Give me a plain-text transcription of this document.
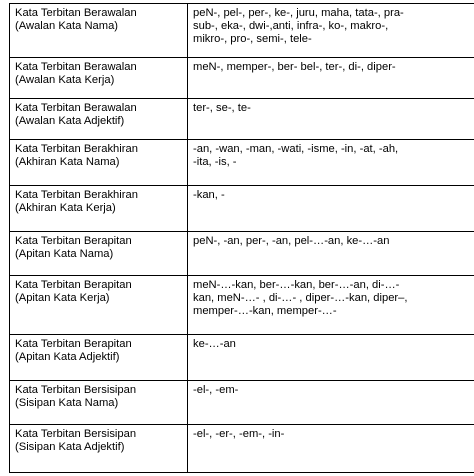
Kata Terbitan Berawalan
(Awalan Kata Nama)	peN-, pel-, per-, ke-, juru, maha, tata-, pra-
sub-, eka-, dwi-,anti, infra-, ko-, makro-,
mikro-, pro-, semi-, tele-

Kata Terbitan Berawalan
(Awalan Kata Kerja)	meN-, memper-, ber- bel-, ter-, di-, diper-

Kata Terbitan Berawalan
(Awalan Kata Adjektif)	ter-, se-, te-

Kata Terbitan Berakhiran
(Akhiran Kata Nama)	-an, -wan, -man, -wati, -isme, -in, -at, -ah,
-ita, -is, -

Kata Terbitan Berakhiran
(Akhiran Kata Kerja)	-kan, -

Kata Terbitan Berapitan
(Apitan Kata Nama)	peN-, -an, per-, -an, pel-…-an, ke-…-an

Kata Terbitan Berapitan
(Apitan Kata Kerja)	meN-…-kan, ber-…-kan, ber-…-an, di-…-
kan, meN-…- , di-…- , diper-…-kan, diper–,
memper-…-kan, memper-…-

Kata Terbitan Berapitan
(Apitan Kata Adjektif)	ke-…-an

Kata Terbitan Bersisipan
(Sisipan Kata Nama)	-el-, -em-

Kata Terbitan Bersisipan
(Sisipan Kata Adjektif)	-el-, -er-, -em-, -in-
